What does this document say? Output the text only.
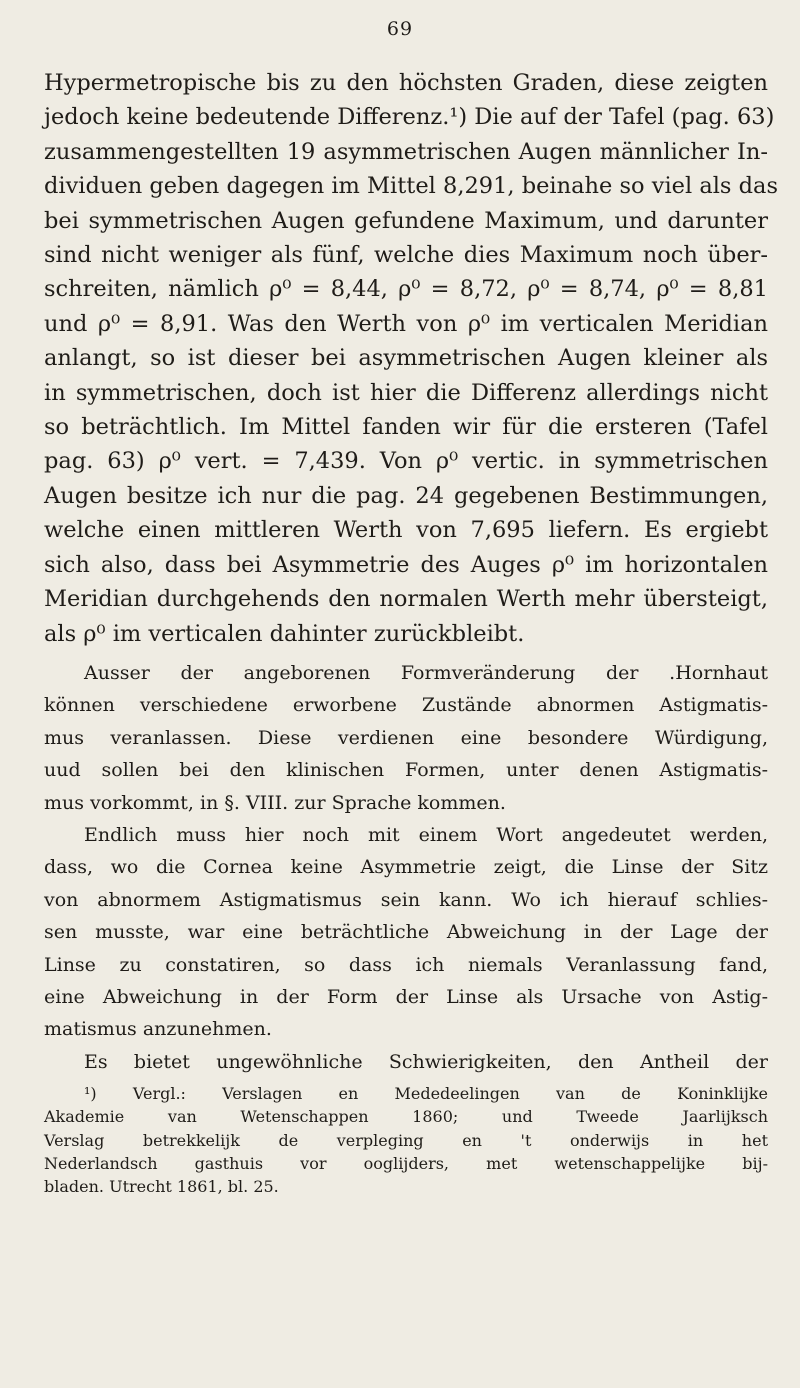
69

Hypermetropische bis zu den höchsten Graden, diese zeigten

jedoch keine bedeutende Differenz.¹) Die auf der Tafel (pag. 63)

zusammengestellten 19 asymmetrischen Augen männlicher In-

dividuen geben dagegen im Mittel 8,291, beinahe so viel als das

bei symmetrischen Augen gefundene Maximum, und darunter

sind nicht weniger als fünf, welche dies Maximum noch über-

schreiten, nämlich ρ⁰ = 8,44, ρ⁰ = 8,72, ρ⁰ = 8,74, ρ⁰ = 8,81

und ρ⁰ = 8,91. Was den Werth von ρ⁰ im verticalen Meridian

anlangt, so ist dieser bei asymmetrischen Augen kleiner als

in symmetrischen, doch ist hier die Differenz allerdings nicht

so beträchtlich. Im Mittel fanden wir für die ersteren (Tafel

pag. 63) ρ⁰ vert. = 7,439. Von ρ⁰ vertic. in symmetrischen

Augen besitze ich nur die pag. 24 gegebenen Bestimmungen,

welche einen mittleren Werth von 7,695 liefern. Es ergiebt

sich also, dass bei Asymmetrie des Auges ρ⁰ im horizontalen

Meridian durchgehends den normalen Werth mehr übersteigt,

als ρ⁰ im verticalen dahinter zurückbleibt.

Ausser der angeborenen Formveränderung der .Hornhaut

können verschiedene erworbene Zustände abnormen Astigmatis-

mus veranlassen. Diese verdienen eine besondere Würdigung,

uud sollen bei den klinischen Formen, unter denen Astigmatis-

mus vorkommt, in §. VIII. zur Sprache kommen.

Endlich muss hier noch mit einem Wort angedeutet werden,

dass, wo die Cornea keine Asymmetrie zeigt, die Linse der Sitz

von abnormem Astigmatismus sein kann. Wo ich hierauf schlies-

sen musste, war eine beträchtliche Abweichung in der Lage der

Linse zu constatiren, so dass ich niemals Veranlassung fand,

eine Abweichung in der Form der Linse als Ursache von Astig-

matismus anzunehmen.

Es bietet ungewöhnliche Schwierigkeiten, den Antheil der

¹) Vergl.: Verslagen en Mededeelingen van de Koninklijke

Akademie van Wetenschappen 1860; und Tweede Jaarlijksch

Verslag betrekkelijk de verpleging en 't onderwijs in het

Nederlandsch gasthuis vor ooglijders, met wetenschappelijke bij-

bladen. Utrecht 1861, bl. 25.
